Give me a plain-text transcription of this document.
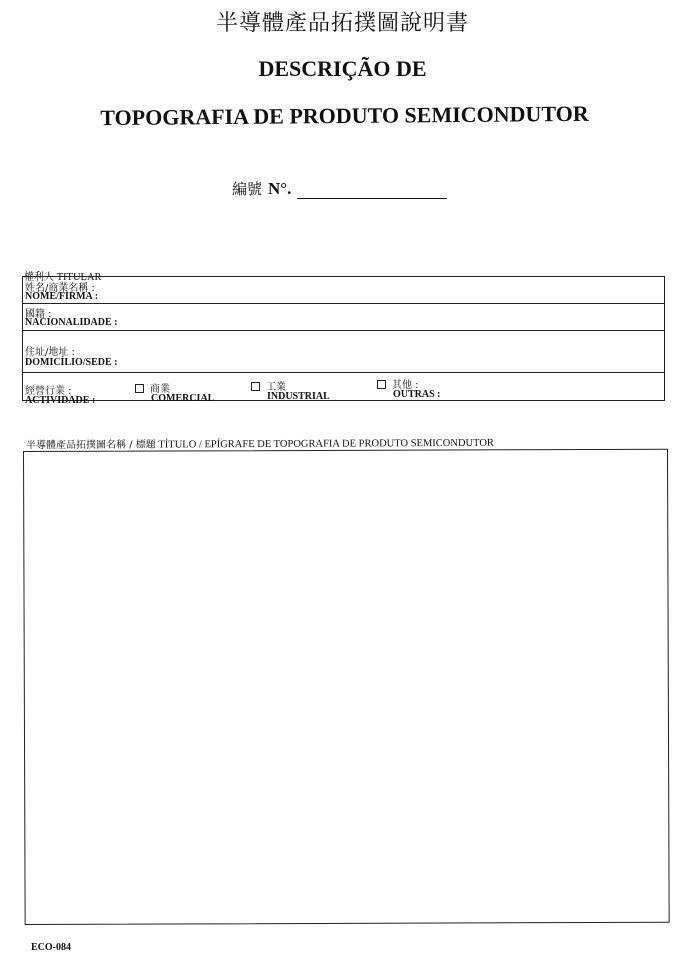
半導體產品拓撲圖說明書
DESCRIÇÃO DE
TOPOGRAFIA DE PRODUTO SEMICONDUTOR
編號 N°.
權利人 TITULAR
姓名/商業名稱 :
NOME/FIRMA :
國籍 :
NACIONALIDADE :
住址/地址 :
DOMICÍLIO/SEDE :
經營行業 :
ACTIVIDADE :
商業
COMERCIAL
工業
INDUSTRIAL
其他 :
OUTRAS :
半導體產品拓撲圖名稱 / 標題 TÍTULO / EPÍGRAFE DE TOPOGRAFIA DE PRODUTO SEMICONDUTOR
ECO-084
